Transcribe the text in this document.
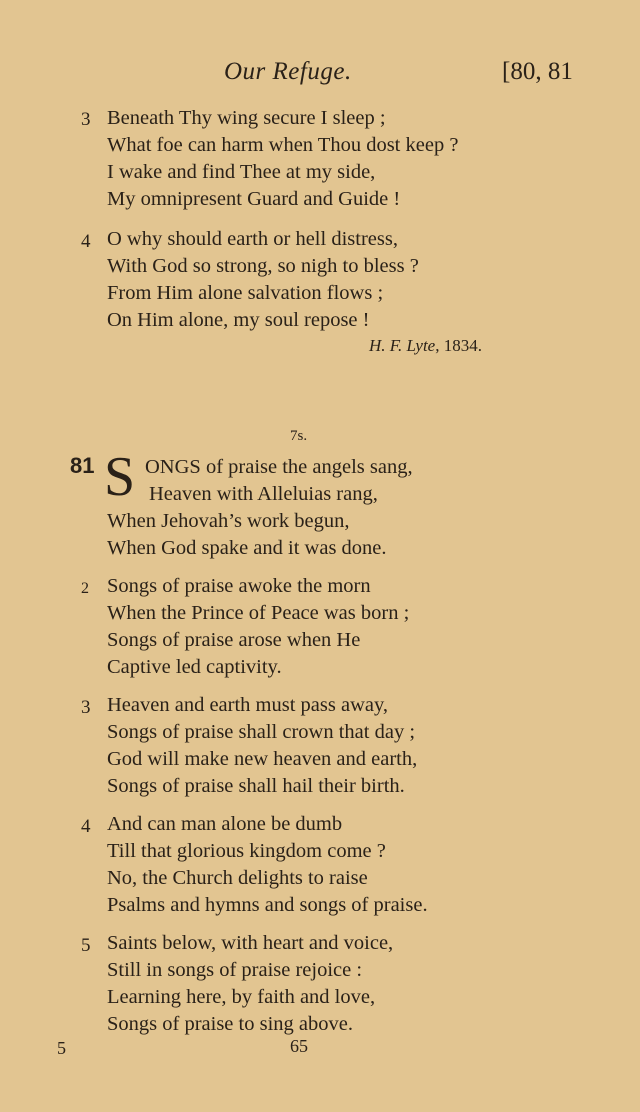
Our Refuge.	[80, 81
3 Beneath Thy wing secure I sleep ;
What foe can harm when Thou dost keep ?
I wake and find Thee at my side,
My omnipresent Guard and Guide !
4 O why should earth or hell distress,
With God so strong, so nigh to bless ?
From Him alone salvation flows ;
On Him alone, my soul repose !
H. F. Lyte, 1834.
7s.
81 S ONGS of praise the angels sang,
Heaven with Alleluias rang,
When Jehovah’s work begun,
When God spake and it was done.
2 Songs of praise awoke the morn
When the Prince of Peace was born ;
Songs of praise arose when He
Captive led captivity.
3 Heaven and earth must pass away,
Songs of praise shall crown that day ;
God will make new heaven and earth,
Songs of praise shall hail their birth.
4 And can man alone be dumb
Till that glorious kingdom come ?
No, the Church delights to raise
Psalms and hymns and songs of praise.
5 Saints below, with heart and voice,
Still in songs of praise rejoice :
Learning here, by faith and love,
Songs of praise to sing above.
5	65
